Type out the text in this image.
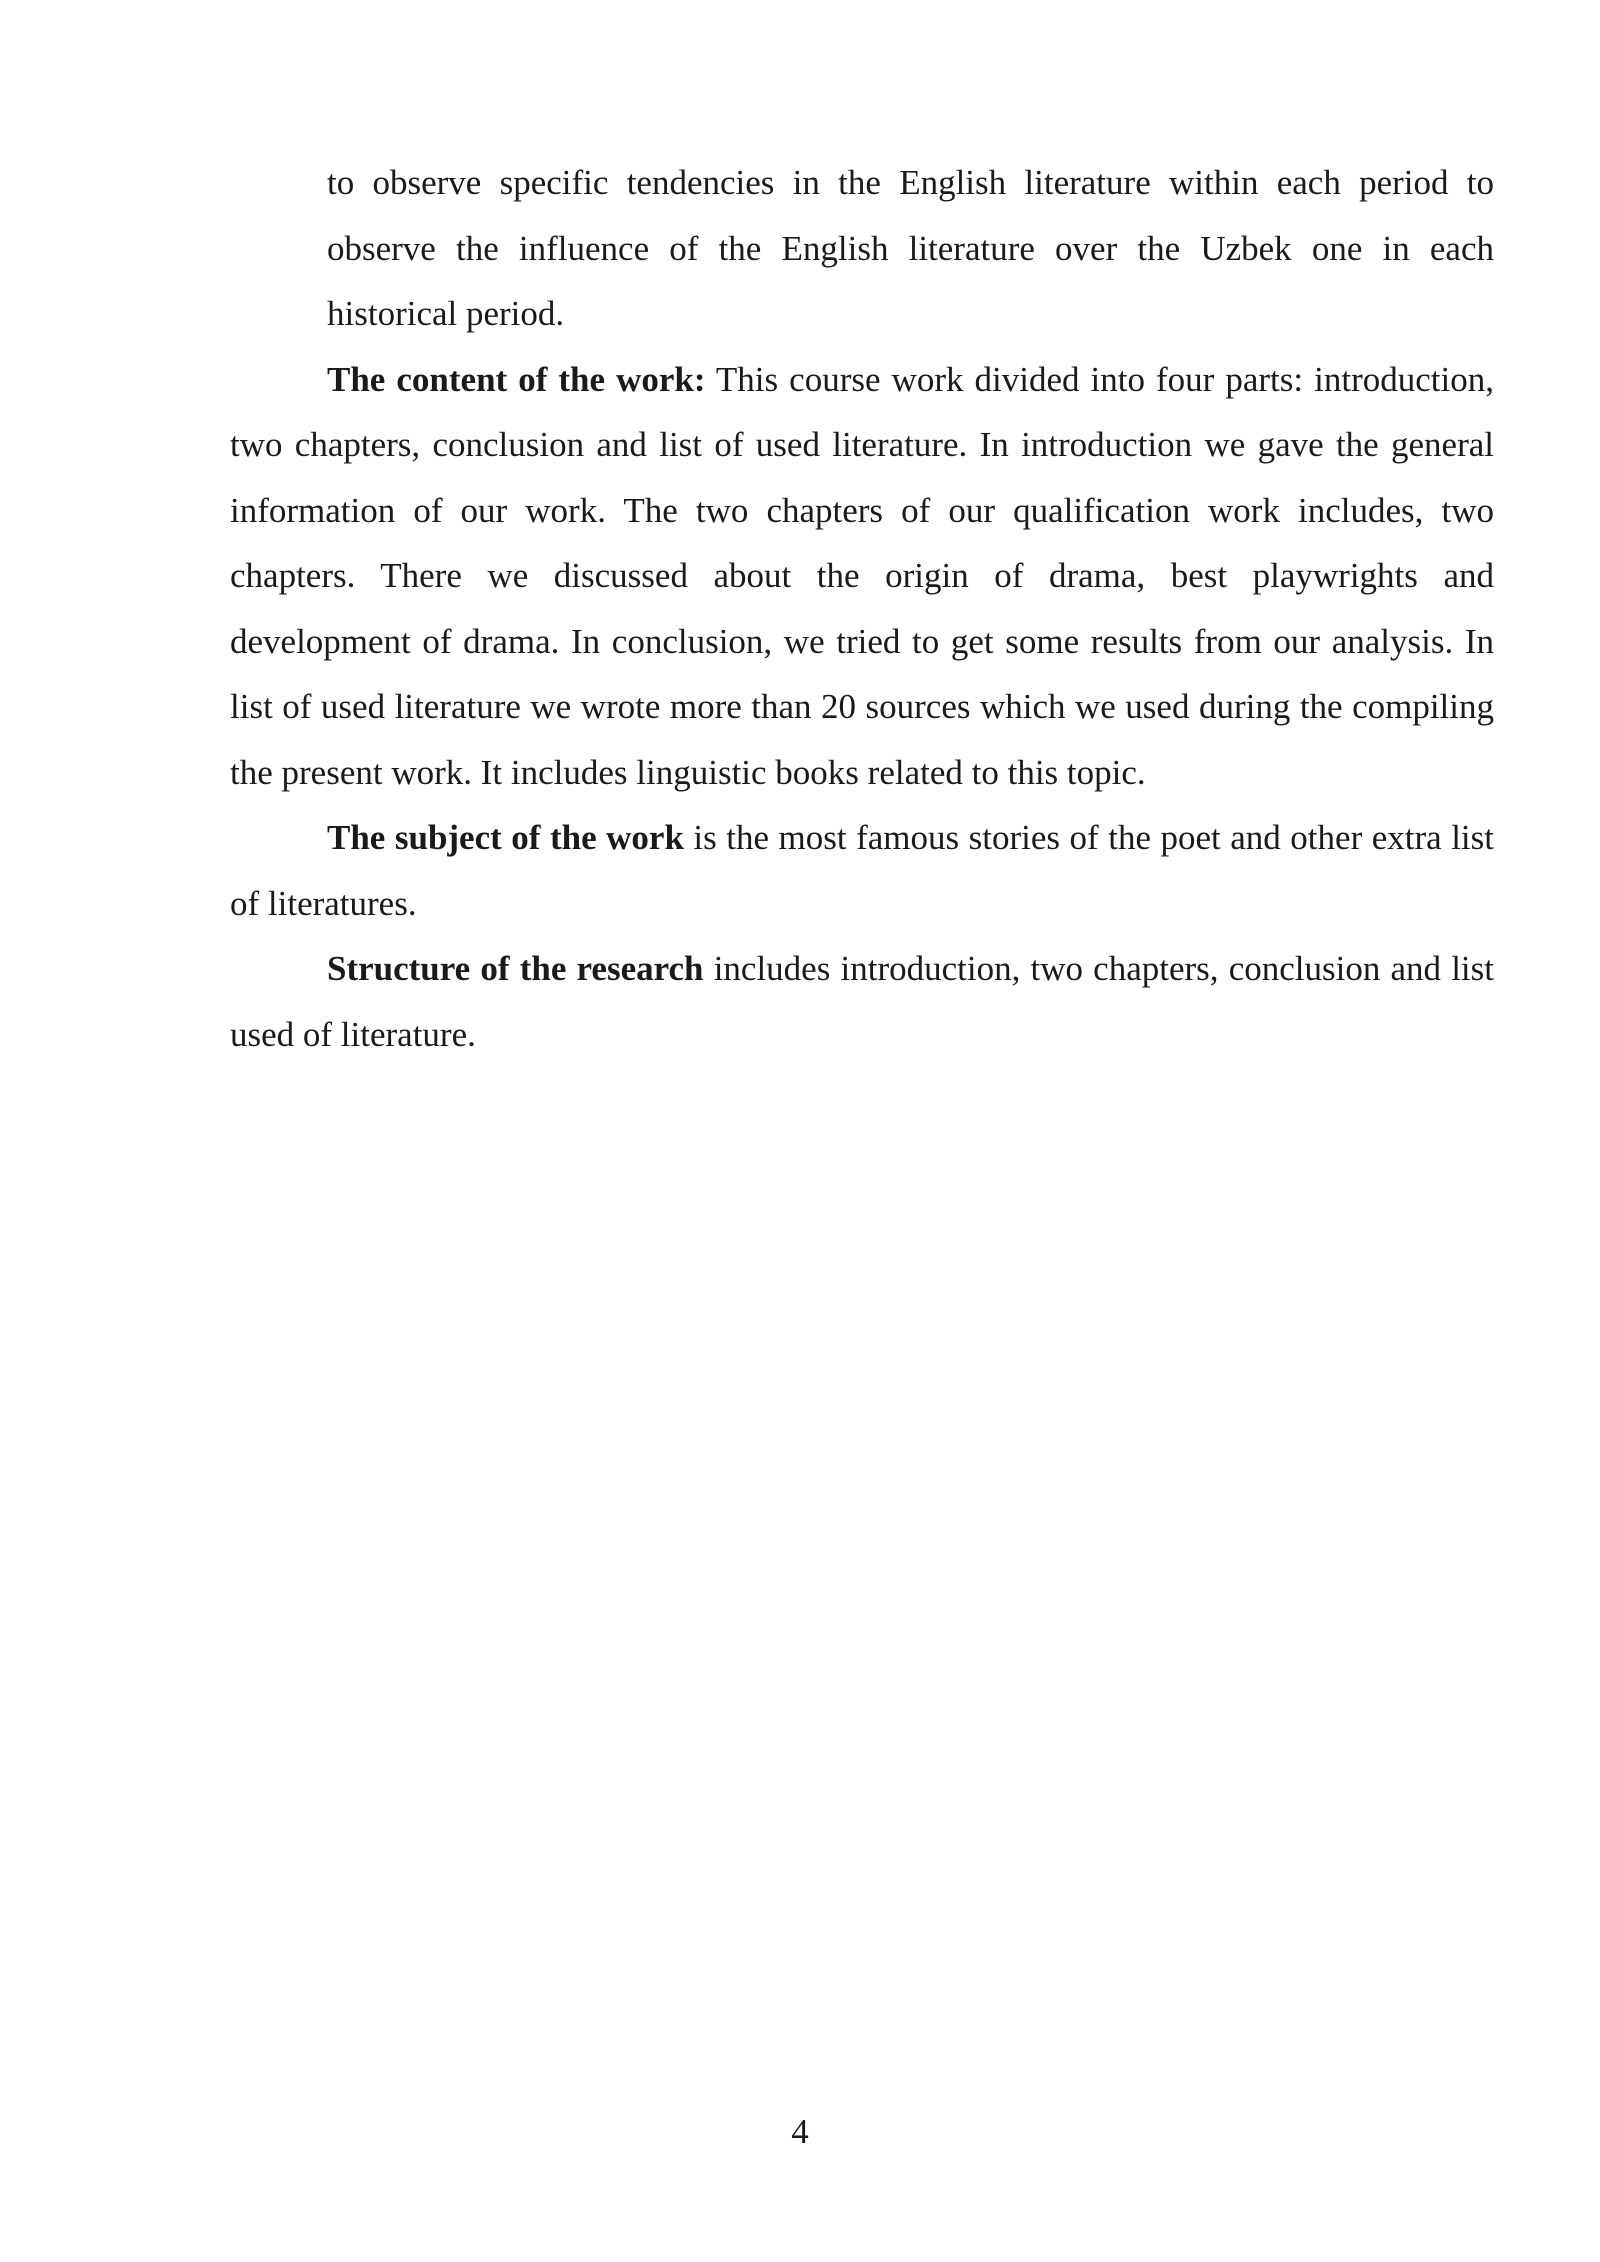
to observe specific tendencies in the English literature within each period to observe the influence of the English literature over the Uzbek one in each historical period.

The content of the work: This course work divided into four parts: introduction, two chapters, conclusion and list of used literature. In introduction we gave the general information of our work. The two chapters of our qualification work includes, two chapters. There we discussed about the origin of drama, best playwrights and development of drama. In conclusion, we tried to get some results from our analysis. In list of used literature we wrote more than 20 sources which we used during the compiling the present work. It includes linguistic books related to this topic.

The subject of the work is the most famous stories of the poet and other extra list of literatures.

Structure of the research includes introduction, two chapters, conclusion and list used of literature.

4
